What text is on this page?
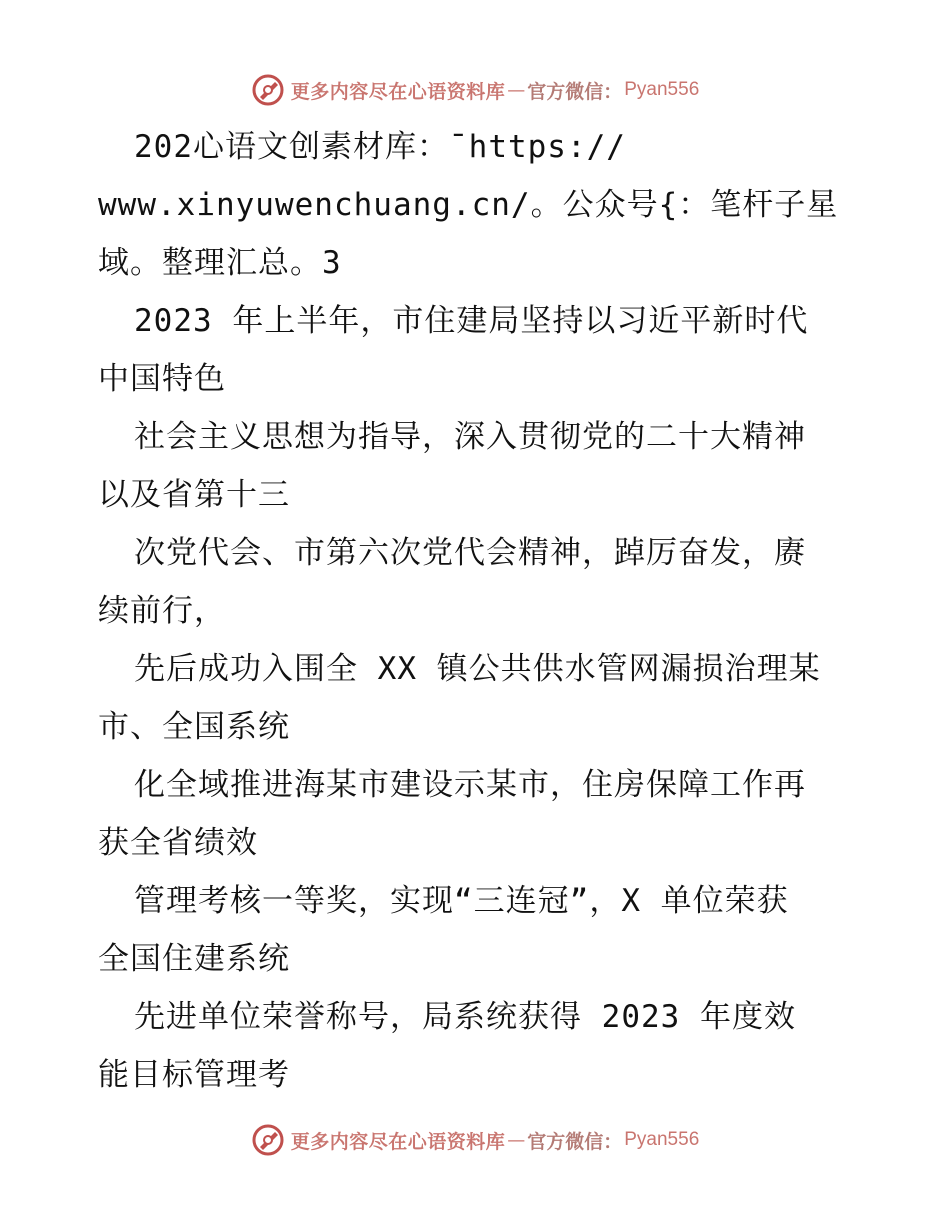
更多内容尽在心语资料库 — 官方微信： Pyan556
202心语文创素材库：¯https://
www.xinyuwenchuang.cn/。公众号{：笔杆子星
域。整理汇总。3
2023 年上半年，市住建局坚持以习近平新时代
中国特色
社会主义思想为指导，深入贯彻党的二十大精神
以及省第十三
次党代会、市第六次党代会精神，踔厉奋发，赓
续前行，
先后成功入围全 XX 镇公共供水管网漏损治理某
市、全国系统
化全域推进海某市建设示某市，住房保障工作再
获全省绩效
管理考核一等奖，实现“三连冠”，X 单位荣获
全国住建系统
先进单位荣誉称号，局系统获得 2023 年度效
能目标管理考
更多内容尽在心语资料库 — 官方微信： Pyan556
